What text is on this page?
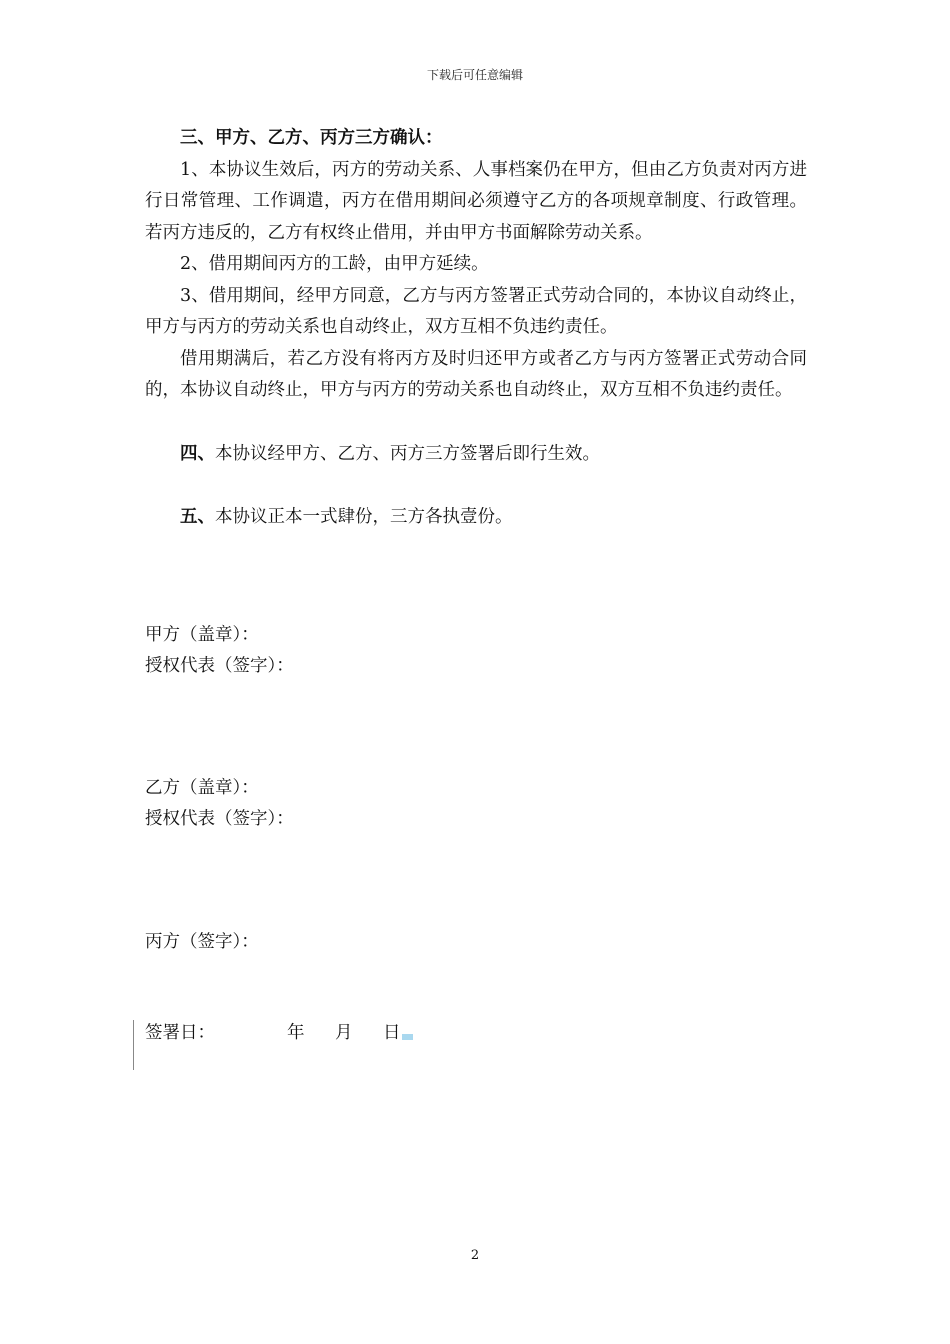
下载后可任意编辑

三、甲方、乙方、丙方三方确认：

1、本协议生效后，丙方的劳动关系、人事档案仍在甲方，但由乙方负责对丙方进行日常管理、工作调遣，丙方在借用期间必须遵守乙方的各项规章制度、行政管理。若丙方违反的，乙方有权终止借用，并由甲方书面解除劳动关系。

2、借用期间丙方的工龄，由甲方延续。

3、借用期间，经甲方同意，乙方与丙方签署正式劳动合同的，本协议自动终止，甲方与丙方的劳动关系也自动终止，双方互相不负违约责任。

借用期满后，若乙方没有将丙方及时归还甲方或者乙方与丙方签署正式劳动合同的，本协议自动终止，甲方与丙方的劳动关系也自动终止，双方互相不负违约责任。

四、本协议经甲方、乙方、丙方三方签署后即行生效。

五、本协议正本一式肆份，三方各执壹份。

甲方（盖章）：

授权代表（签字）：

乙方（盖章）：

授权代表（签字）：

丙方（签字）：

签署日：	年 月 日
2
